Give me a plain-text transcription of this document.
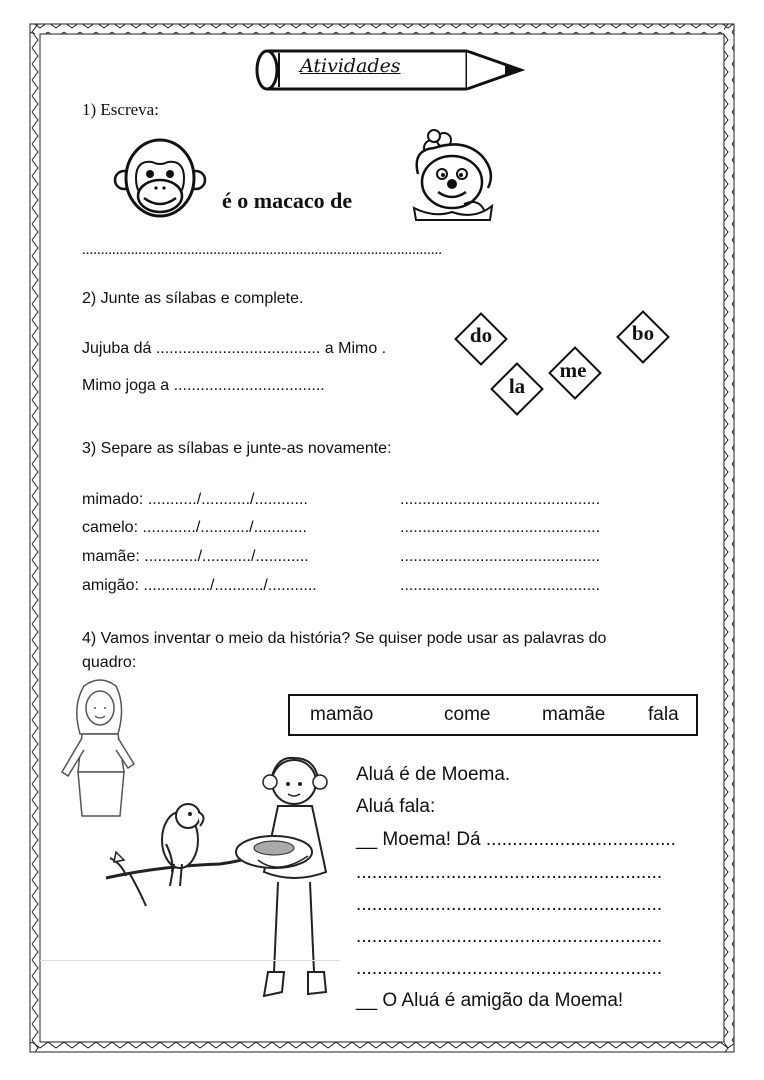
Atividades
1) Escreva:
é o macaco de
................................................................................................
2) Junte as sílabas e complete.
Jujuba dá ..................................... a Mimo .
Mimo joga a ..................................
do	bo
me
la
3) Separe as sílabas e junte-as novamente:
mimado: .........../.........../............	.............................................
camelo: ............/.........../............	.............................................
mamãe: ............/.........../............	.............................................
amigão: .............../.........../...........	.............................................
4) Vamos inventar o meio da história? Se quiser pode usar as palavras do
quadro:
mamão	come	mamãe fala
Aluá é de Moema.
Aluá fala:
__ Moema! Dá ....................................
..........................................................
..........................................................
..........................................................
..........................................................
__ O Aluá é amigão da Moema!
